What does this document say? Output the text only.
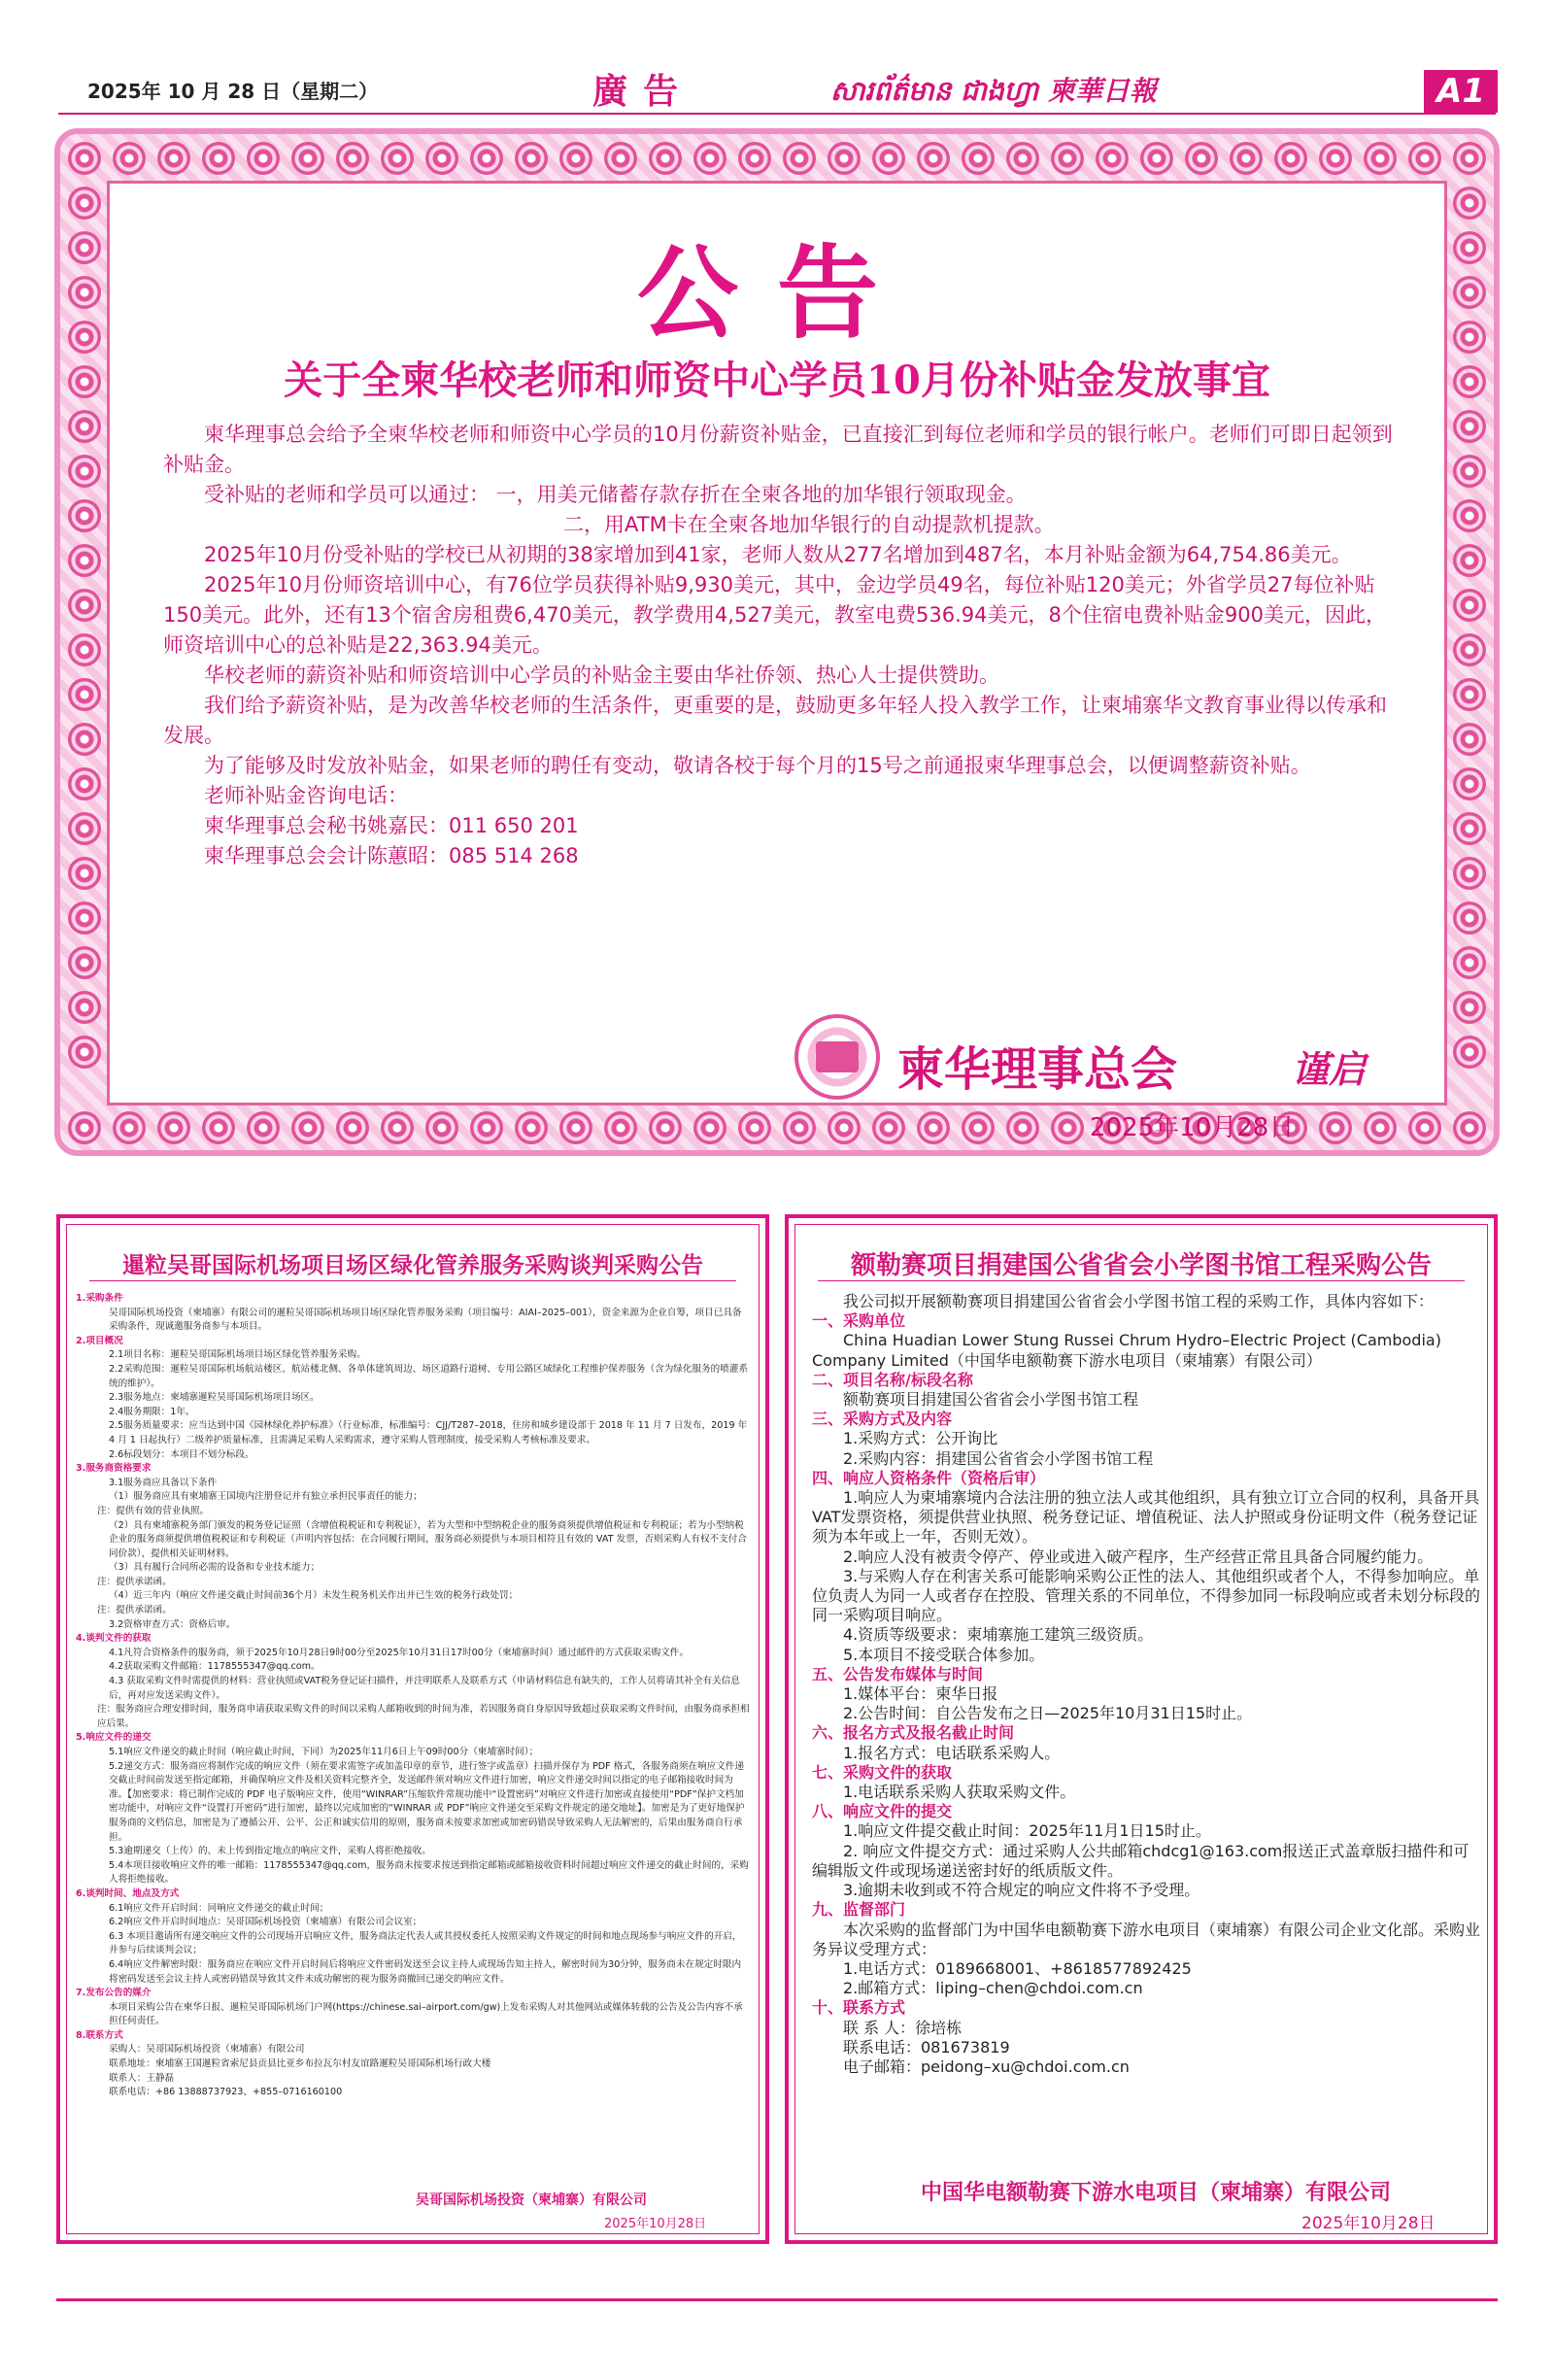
2025年 10 月 28 日（星期二）	廣告	សារព័ត៌មាន ជាងហ្វា 柬華日報	A1
公告
关于全柬华校老师和师资中心学员10月份补贴金发放事宜

柬华理事总会给予全柬华校老师和师资中心学员的10月份薪资补贴金，已直接汇到每位老师和学员的银行帐户。老师们可即日起领到补贴金。

受补贴的老师和学员可以通过： 一，用美元储蓄存款存折在全柬各地的加华银行领取现金。

二，用ATM卡在全柬各地加华银行的自动提款机提款。

2025年10月份受补贴的学校已从初期的38家增加到41家，老师人数从277名增加到487名，本月补贴金额为64,754.86美元。

2025年10月份师资培训中心，有76位学员获得补贴9,930美元，其中，金边学员49名，每位补贴120美元；外省学员27每位补贴150美元。此外，还有13个宿舍房租费6,470美元，教学费用4,527美元，教室电费536.94美元，8个住宿电费补贴金900美元，因此，师资培训中心的总补贴是22,363.94美元。

华校老师的薪资补贴和师资培训中心学员的补贴金主要由华社侨领、热心人士提供赞助。

我们给予薪资补贴，是为改善华校老师的生活条件，更重要的是，鼓励更多年轻人投入教学工作，让柬埔寨华文教育事业得以传承和发展。

为了能够及时发放补贴金，如果老师的聘任有变动，敬请各校于每个月的15号之前通报柬华理事总会，以便调整薪资补贴。

老师补贴金咨询电话：

柬华理事总会秘书姚嘉民：011 650 201

柬华理事总会会计陈蕙昭：085 514 268

柬华理事总会	谨启
2025年10月28日
暹粒吴哥国际机场项目场区绿化管养服务采购谈判采购公告

1.采购条件

吴哥国际机场投资（柬埔寨）有限公司的暹粒吴哥国际机场项目场区绿化管养服务采购（项目编号：AIAI–2025–001），资金来源为企业自筹，项目已具备采购条件，现诚邀服务商参与本项目。

2.项目概况

2.1项目名称：暹粒吴哥国际机场项目场区绿化管养服务采购。

2.2采购范围：暹粒吴哥国际机场航站楼区、航站楼北侧、各单体建筑周边、场区道路行道树、专用公路区域绿化工程维护保养服务（含为绿化服务的喷灌系统的维护）。

2.3服务地点：柬埔寨暹粒吴哥国际机场项目场区。

2.4服务期限：1年。

2.5服务质量要求：应当达到中国《园林绿化养护标准》（行业标准，标准编号：CJJ/T287–2018，住房和城乡建设部于 2018 年 11 月 7 日发布，2019 年 4 月 1 日起执行）二级养护质量标准，且需满足采购人采购需求，遵守采购人管理制度，接受采购人考核标准及要求。

2.6标段划分：本项目不划分标段。

3.服务商资格要求

3.1服务商应具备以下条件

（1）服务商应具有柬埔寨王国境内注册登记并有独立承担民事责任的能力；

注：提供有效的营业执照。

（2）具有柬埔寨税务部门颁发的税务登记证照（含增值税税证和专利税证），若为大型和中型纳税企业的服务商须提供增值税证和专利税证；若为小型纳税企业的服务商须提供增值税税证和专利税证（声明内容包括：在合同履行期间，服务商必须提供与本项目相符且有效的 VAT 发票，否则采购人有权不支付合同价款），提供相关证明材料。

（3）具有履行合同所必需的设备和专业技术能力；

注：提供承诺函。

（4）近三年内（响应文件递交截止时间前36个月）未发生税务机关作出并已生效的税务行政处罚；

注：提供承诺函。

3.2资格审查方式：资格后审。

4.谈判文件的获取

4.1凡符合资格条件的服务商，须于2025年10月28日9时00分至2025年10月31日17时00分（柬埔寨时间）通过邮件的方式获取采购文件。

4.2获取采购文件邮箱：1178555347@qq.com。

4.3 获取采购文件时需提供的材料：营业执照或VAT税务登记证扫描件，并注明联系人及联系方式（申请材料信息有缺失的，工作人员将请其补全有关信息后，再对应发送采购文件）。

注：服务商应合理安排时间，服务商申请获取采购文件的时间以采购人邮箱收到的时间为准，若因服务商自身原因导致超过获取采购文件时间，由服务商承担相应后果。

5.响应文件的递交

5.1响应文件递交的截止时间（响应截止时间，下同）为2025年11月6日上午09时00分（柬埔寨时间）；

5.2递交方式：服务商应将制作完成的响应文件（须在要求需签字或加盖印章的章节，进行签字或盖章）扫描并保存为 PDF 格式，各服务商须在响应文件递交截止时间前发送至指定邮箱，并确保响应文件及相关资料完整齐全，发送邮件须对响应文件进行加密，响应文件递交时间以指定的电子邮箱接收时间为准。【加密要求：将已制作完成的 PDF 电子版响应文件，使用“WINRAR”压缩软件常规功能中“设置密码”对响应文件进行加密或直接使用“PDF”保护文档加密功能中，对响应文件“设置打开密码”进行加密，最终以完成加密的“WINRAR 或 PDF”响应文件递交至采购文件规定的递交地址】。加密是为了更好地保护服务商的文档信息，加密是为了遵循公开、公平、公正和诚实信用的原则，服务商未按要求加密或加密码错误导致采购人无法解密的，后果由服务商自行承担。

5.3逾期递交（上传）的、未上传到指定地点的响应文件，采购人将拒绝接收。

5.4本项目接收响应文件的唯一邮箱：1178555347@qq.com，服务商未按要求按送到指定邮箱或邮箱接收资料时间超过响应文件递交的截止时间的，采购人将拒绝接收。

6.谈判时间、地点及方式

6.1响应文件开启时间：同响应文件递交的截止时间；

6.2响应文件开启时间地点：吴哥国际机场投资（柬埔寨）有限公司会议室；

6.3 本项目邀请所有递交响应文件的公司现场开启响应文件，服务商法定代表人或其授权委托人按照采购文件规定的时间和地点现场参与响应文件的开启，并参与后续谈判会议；

6.4响应文件解密时限：服务商应在响应文件开启时间后将响应文件密码发送至会议主持人或现场告知主持人，解密时间为30分钟，服务商未在规定时限内将密码发送至会议主持人或密码错误导致其文件未成功解密的视为服务商撤回已递交的响应文件。

7.发布公告的媒介

本项目采购公告在柬华日报、暹粒吴哥国际机场门户网(https://chinese.sai–airport.com/gw)上发布采购人对其他网站或媒体转载的公告及公告内容不承担任何责任。

8.联系方式

采购人：吴哥国际机场投资（柬埔寨）有限公司

联系地址：柬埔寨王国暹粒省索尼县贡县比亚乡布拉瓦尔村友谊路暹粒吴哥国际机场行政大楼

联系人：王静磊

联系电话：+86 13888737923、+855–0716160100

吴哥国际机场投资（柬埔寨）有限公司
2025年10月28日
额勒赛项目捐建国公省省会小学图书馆工程采购公告

我公司拟开展额勒赛项目捐建国公省省会小学图书馆工程的采购工作，具体内容如下：

一、采购单位

China Huadian Lower Stung Russei Chrum Hydro–Electric Project (Cambodia) Company Limited（中国华电额勒赛下游水电项目（柬埔寨）有限公司）

二、项目名称/标段名称

额勒赛项目捐建国公省省会小学图书馆工程

三、采购方式及内容

1.采购方式：公开询比

2.采购内容：捐建国公省省会小学图书馆工程

四、响应人资格条件（资格后审）

1.响应人为柬埔寨境内合法注册的独立法人或其他组织，具有独立订立合同的权利，具备开具VAT发票资格，须提供营业执照、税务登记证、增值税证、法人护照或身份证明文件（税务登记证须为本年或上一年，否则无效）。

2.响应人没有被责令停产、停业或进入破产程序，生产经营正常且具备合同履约能力。

3.与采购人存在利害关系可能影响采购公正性的法人、其他组织或者个人，不得参加响应。单位负责人为同一人或者存在控股、管理关系的不同单位，不得参加同一标段响应或者未划分标段的同一采购项目响应。

4.资质等级要求：柬埔寨施工建筑三级资质。

5.本项目不接受联合体参加。

五、公告发布媒体与时间

1.媒体平台：柬华日报

2.公告时间：自公告发布之日—2025年10月31日15时止。

六、报名方式及报名截止时间

1.报名方式：电话联系采购人。

七、采购文件的获取

1.电话联系采购人获取采购文件。

八、响应文件的提交

1.响应文件提交截止时间：2025年11月1日15时止。

2. 响应文件提交方式：通过采购人公共邮箱chdcg1@163.com报送正式盖章版扫描件和可编辑版文件或现场递送密封好的纸质版文件。

3.逾期未收到或不符合规定的响应文件将不予受理。

九、监督部门

本次采购的监督部门为中国华电额勒赛下游水电项目（柬埔寨）有限公司企业文化部。采购业务异议受理方式：

1.电话方式：0189668001、+8618577892425

2.邮箱方式：liping–chen@chdoi.com.cn

十、联系方式

联 系 人：徐培栋

联系电话：081673819

电子邮箱：peidong–xu@chdoi.com.cn

中国华电额勒赛下游水电项目（柬埔寨）有限公司
2025年10月28日
